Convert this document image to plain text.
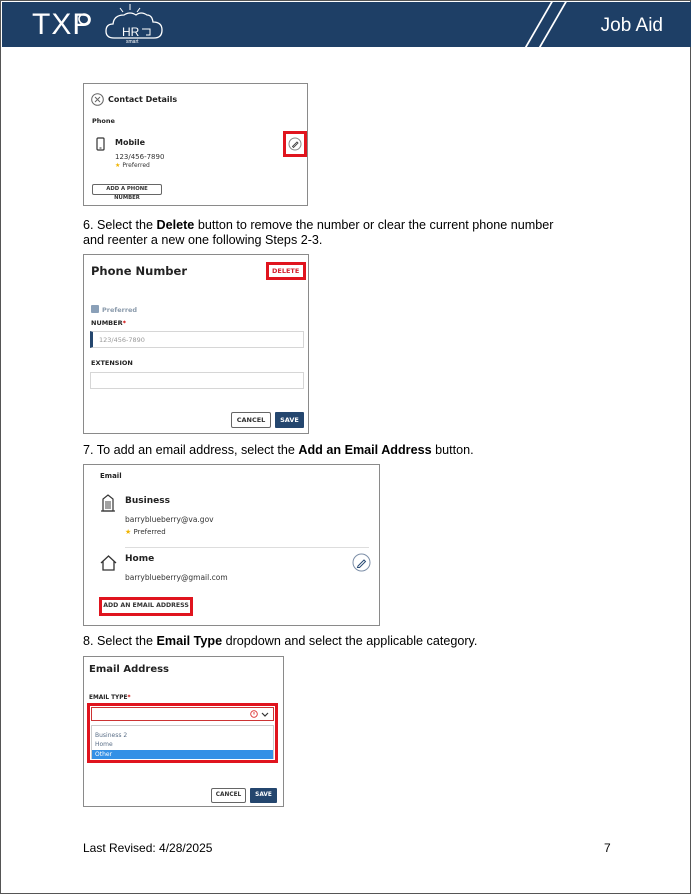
TXP HR
smart
Job Aid
Contact Details
Phone
Mobile
123/456-7890
★ Preferred
ADD A PHONE NUMBER
6. Select the Delete button to remove the number or clear the current phone number
and reenter a new one following Steps 2-3.
Phone Number	DELETE
Preferred
NUMBER*
123/456-7890
EXTENSION
CANCEL	SAVE
7. To add an email address, select the Add an Email Address button.
Email
Business
barryblueberry@va.gov
★ Preferred
Home
barryblueberry@gmail.com
ADD AN EMAIL ADDRESS
8. Select the Email Type dropdown and select the applicable category.
Email Address
EMAIL TYPE*
Business 2
Home
Other
CANCEL	SAVE
Last Revised: 4/28/2025	7
